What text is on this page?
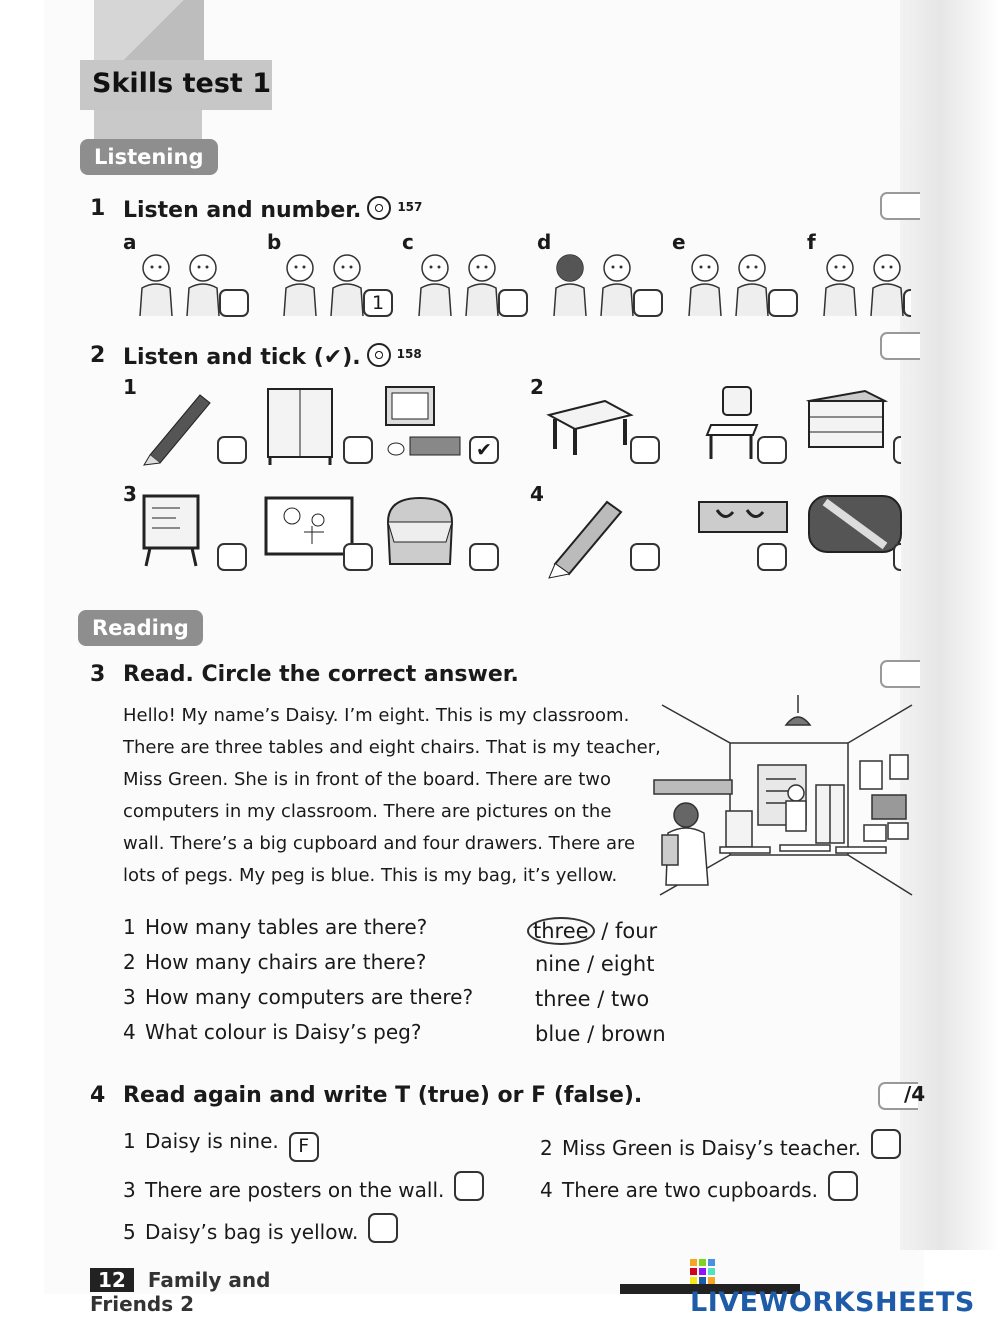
Skills test 1
Listening
1 Listen and number.	$^{157}$
a	b
1
c	d	e	f
2 Listen and tick (✔).	$^{158}$
1	2
3	4
✔
Reading
3 Read. Circle the correct answer.
Hello! My name’s Daisy. I’m eight. This is my classroom.
There are three tables and eight chairs. That is my teacher,
Miss Green. She is in front of the board. There are two
computers in my classroom. There are pictures on the
wall. There’s a big cupboard and four drawers. There are
lots of pegs. My peg is blue. This is my bag, it’s yellow.
1 How many tables are there?	three / four
2 How many chairs are there?	nine / eight
3 How many computers are there?	three / two
4 What colour is Daisy’s peg?	blue / brown
4 Read again and write T (true) or F (false).	/4
1 Daisy is nine. F	2 Miss Green is Daisy’s teacher.
3 There are posters on the wall.	4 There are two cupboards.
5 Daisy’s bag is yellow.
12 Family and Friends 2	LIVEWORKSHEETS
